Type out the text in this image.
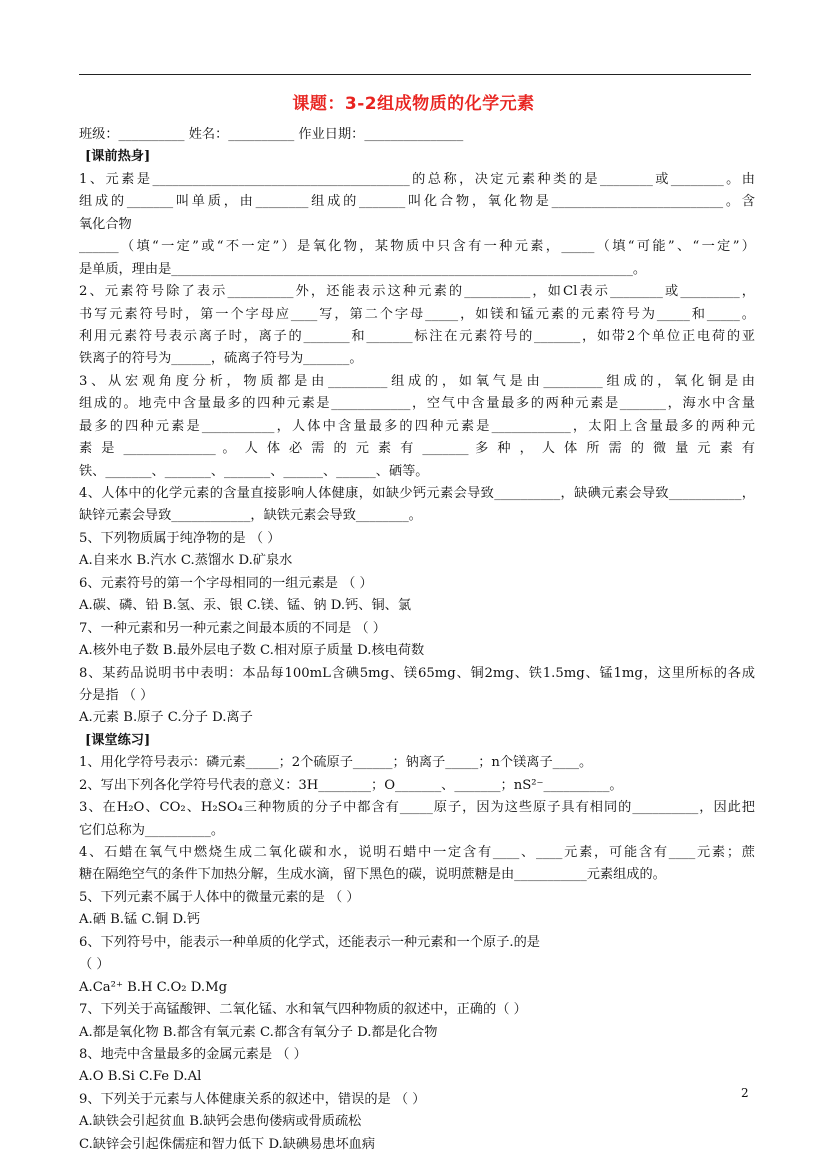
课题：3-2组成物质的化学元素
班级：__________ 姓名：__________ 作业日期：_______________
[课前热身]
1、元素是_______________________________________的总称，决定元素种类的是________或________。由
组成的_______叫单质，由________组成的_______叫化合物，氧化物是__________________________。含
氧化合物
______（填“一定”或“不一定”）是氧化物，某物质中只含有一种元素，_____（填“可能”、“一定”）
是单质，理由是______________________________________________________________________。
2、元素符号除了表示__________外，还能表示这种元素的__________，如Cl表示________或_________，
书写元素符号时，第一个字母应____写，第二个字母_____，如镁和锰元素的元素符号为_____和_____。
利用元素符号表示离子时，离子的_______和_______标注在元素符号的_______，如带2个单位正电荷的亚
铁离子的符号为______，硫离子符号为_______。
3、从宏观角度分析，物质都是由_________组成的，如氧气是由_________组成的，氧化铜是由
组成的。地壳中含量最多的四种元素是____________，空气中含量最多的两种元素是_______，海水中含量
最多的四种元素是___________，人体中含量最多的四种元素是____________，太阳上含量最多的两种元
素 是 ______________ 。 人 体 必 需 的 元 素 有 _______ 多 种 ， 人 体 所 需 的 微 量 元 素 有
铁、_______、_______、_______、______、______、硒等。
4、人体中的化学元素的含量直接影响人体健康，如缺少钙元素会导致__________，缺碘元素会导致___________，
缺锌元素会导致____________，缺铁元素会导致________。
5、下列物质属于纯净物的是 （ ）
A.自来水 B.汽水 C.蒸馏水 D.矿泉水
6、元素符号的第一个字母相同的一组元素是 （ ）
A.碳、磷、铅 B.氢、汞、银 C.镁、锰、钠 D.钙、铜、氯
7、一种元素和另一种元素之间最本质的不同是 （ ）
A.核外电子数 B.最外层电子数 C.相对原子质量 D.核电荷数
8、某药品说明书中表明：本品每100mL含碘5mg、镁65mg、铜2mg、铁1.5mg、锰1mg，这里所标的各成
分是指 （ ）
A.元素 B.原子 C.分子 D.离子
[课堂练习]
1、用化学符号表示：磷元素_____；2个硫原子______；钠离子_____；n个镁离子____。
2、写出下列各化学符号代表的意义：3H________；O_______、_______；nS²⁻__________。
3、在H₂O、CO₂、H₂SO₄三种物质的分子中都含有_____原子，因为这些原子具有相同的__________，因此把
它们总称为__________。
4、石蜡在氧气中燃烧生成二氧化碳和水，说明石蜡中一定含有____、____元素，可能含有____元素；蔗
糖在隔绝空气的条件下加热分解，生成水滴，留下黑色的碳，说明蔗糖是由___________元素组成的。
5、下列元素不属于人体中的微量元素的是 （ ）
A.硒 B.锰 C.铜 D.钙
6、下列符号中，能表示一种单质的化学式，还能表示一种元素和一个原子.的是
（ ）
A.Ca²⁺ B.H C.O₂ D.Mg
7、下列关于高锰酸钾、二氧化锰、水和氧气四种物质的叙述中，正确的（ ）
A.都是氧化物 B.都含有氧元素 C.都含有氧分子 D.都是化合物
8、地壳中含量最多的金属元素是 （ ）
A.O B.Si C.Fe D.Al
9、下列关于元素与人体健康关系的叙述中，错误的是 （ ）
A.缺铁会引起贫血 B.缺钙会患佝偻病或骨质疏松
C.缺锌会引起侏儒症和智力低下 D.缺碘易患坏血病
2
